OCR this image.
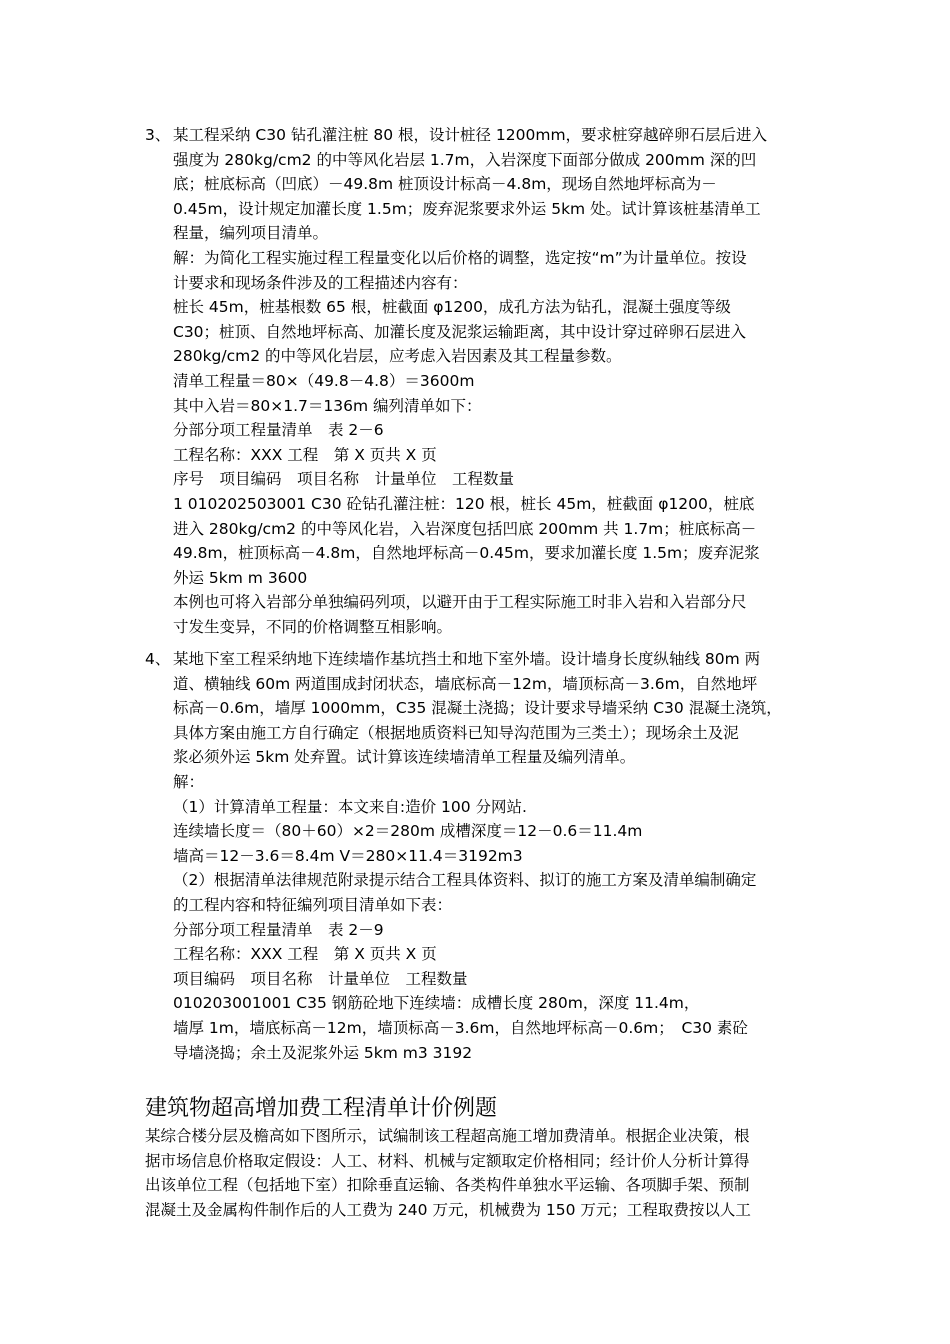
3、 某工程采纳 C30 钻孔灌注桩 80 根，设计桩径 1200mm，要求桩穿越碎卵石层后进入

强度为 280kg/cm2 的中等风化岩层 1.7m，入岩深度下面部分做成 200mm 深的凹

底；桩底标高（凹底）－49.8m 桩顶设计标高－4.8m，现场自然地坪标高为－

0.45m，设计规定加灌长度 1.5m；废弃泥浆要求外运 5km 处。试计算该桩基清单工

程量，编列项目清单。

解：为简化工程实施过程工程量变化以后价格的调整，选定按“m”为计量单位。按设

计要求和现场条件涉及的工程描述内容有：

桩长 45m，桩基根数 65 根，桩截面 φ1200，成孔方法为钻孔，混凝土强度等级

C30；桩顶、自然地坪标高、加灌长度及泥浆运输距离，其中设计穿过碎卵石层进入

280kg/cm2 的中等风化岩层，应考虑入岩因素及其工程量参数。

清单工程量＝80×（49.8－4.8）＝3600m

其中入岩＝80×1.7＝136m 编列清单如下：

分部分项工程量清单　表 2－6

工程名称：XXX 工程　第 X 页共 X 页

序号　项目编码　项目名称　计量单位　工程数量

1 010202503001 C30 砼钻孔灌注桩：120 根，桩长 45m，桩截面 φ1200，桩底

进入 280kg/cm2 的中等风化岩，入岩深度包括凹底 200mm 共 1.7m；桩底标高－

49.8m，桩顶标高－4.8m，自然地坪标高－0.45m，要求加灌长度 1.5m；废弃泥浆

外运 5km m 3600

本例也可将入岩部分单独编码列项，以避开由于工程实际施工时非入岩和入岩部分尺

寸发生变异，不同的价格调整互相影响。

4、 某地下室工程采纳地下连续墙作基坑挡土和地下室外墙。设计墙身长度纵轴线 80m 两

道、横轴线 60m 两道围成封闭状态，墙底标高－12m，墙顶标高－3.6m，自然地坪

标高－0.6m，墙厚 1000mm，C35 混凝土浇捣；设计要求导墙采纳 C30 混凝土浇筑，

具体方案由施工方自行确定（根据地质资料已知导沟范围为三类土）；现场余土及泥

浆必须外运 5km 处弃置。试计算该连续墙清单工程量及编列清单。

解：

（1）计算清单工程量：本文来自:造价 100 分网站.

连续墙长度＝（80＋60）×2＝280m 成槽深度＝12－0.6＝11.4m

墙高＝12－3.6＝8.4m V＝280×11.4＝3192m3

（2）根据清单法律规范附录提示结合工程具体资料、拟订的施工方案及清单编制确定

的工程内容和特征编列项目清单如下表：

分部分项工程量清单　表 2－9

工程名称：XXX 工程　第 X 页共 X 页

项目编码　项目名称　计量单位　工程数量

010203001001 C35 钢筋砼地下连续墙：成槽长度 280m，深度 11.4m，

墙厚 1m，墙底标高－12m，墙顶标高－3.6m，自然地坪标高－0.6m；　C30 素砼

导墙浇捣；余土及泥浆外运 5km m3 3192

建筑物超高增加费工程清单计价例题

某综合楼分层及檐高如下图所示，试编制该工程超高施工增加费清单。根据企业决策，根

据市场信息价格取定假设：人工、材料、机械与定额取定价格相同；经计价人分析计算得

出该单位工程（包括地下室）扣除垂直运输、各类构件单独水平运输、各项脚手架、预制

混凝土及金属构件制作后的人工费为 240 万元，机械费为 150 万元；工程取费按以人工
